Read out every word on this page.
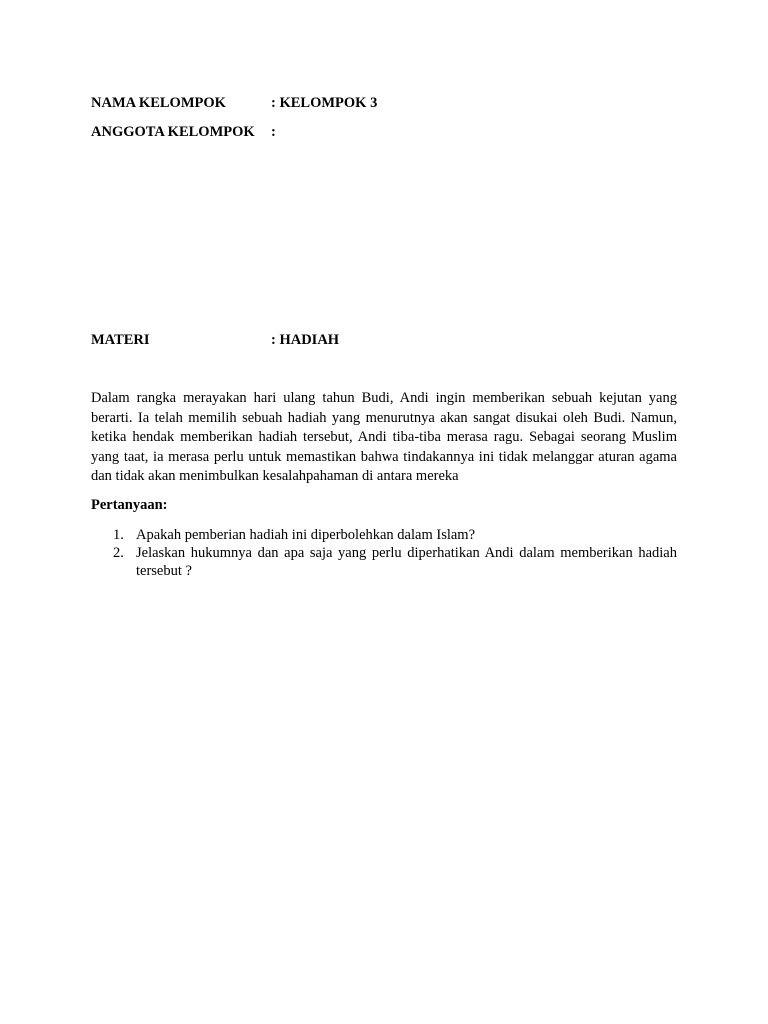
NAMA KELOMPOK	: KELOMPOK 3
ANGGOTA KELOMPOK :
MATERI	: HADIAH

Dalam rangka merayakan hari ulang tahun Budi, Andi ingin memberikan sebuah kejutan yang berarti. Ia telah memilih sebuah hadiah yang menurutnya akan sangat disukai oleh Budi. Namun, ketika hendak memberikan hadiah tersebut, Andi tiba-tiba merasa ragu. Sebagai seorang Muslim yang taat, ia merasa perlu untuk memastikan bahwa tindakannya ini tidak melanggar aturan agama dan tidak akan menimbulkan kesalahpahaman di antara mereka

Pertanyaan:

1. Apakah pemberian hadiah ini diperbolehkan dalam Islam?
2. Jelaskan hukumnya dan apa saja yang perlu diperhatikan Andi dalam memberikan hadiah tersebut ?
